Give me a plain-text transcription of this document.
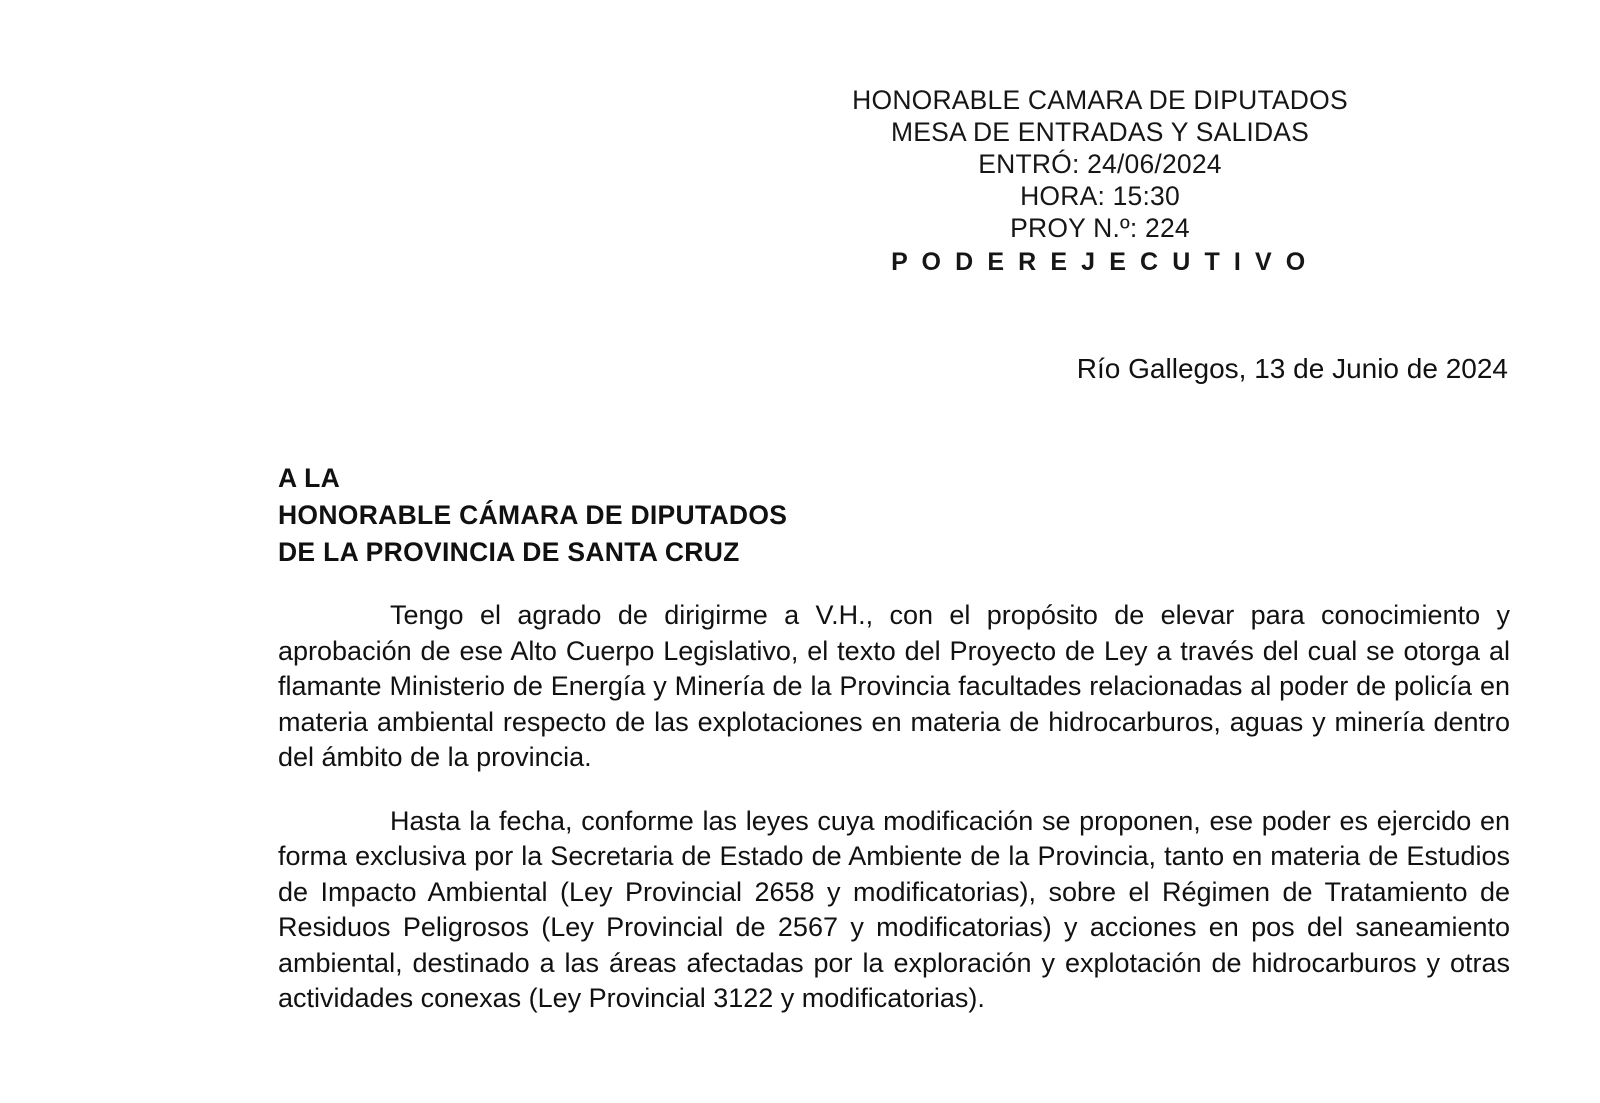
HONORABLE CAMARA DE DIPUTADOS
MESA DE ENTRADAS Y SALIDAS
ENTRÓ: 24/06/2024
HORA: 15:30
PROY N.º: 224
P O D E R E J E C U T I V O
Río Gallegos, 13 de Junio de 2024
A LA
HONORABLE CÁMARA DE DIPUTADOS
DE LA PROVINCIA DE SANTA CRUZ

Tengo el agrado de dirigirme a V.H., con el propósito de elevar para conocimiento y aprobación de ese Alto Cuerpo Legislativo, el texto del Proyecto de Ley a través del cual se otorga al flamante Ministerio de Energía y Minería de la Provincia facultades relacionadas al poder de policía en materia ambiental respecto de las explotaciones en materia de hidrocarburos, aguas y minería dentro del ámbito de la provincia.

Hasta la fecha, conforme las leyes cuya modificación se proponen, ese poder es ejercido en forma exclusiva por la Secretaria de Estado de Ambiente de la Provincia, tanto en materia de Estudios de Impacto Ambiental (Ley Provincial 2658 y modificatorias), sobre el Régimen de Tratamiento de Residuos Peligrosos (Ley Provincial de 2567 y modificatorias) y acciones en pos del saneamiento ambiental, destinado a las áreas afectadas por la exploración y explotación de hidrocarburos y otras actividades conexas (Ley Provincial 3122 y modificatorias).
